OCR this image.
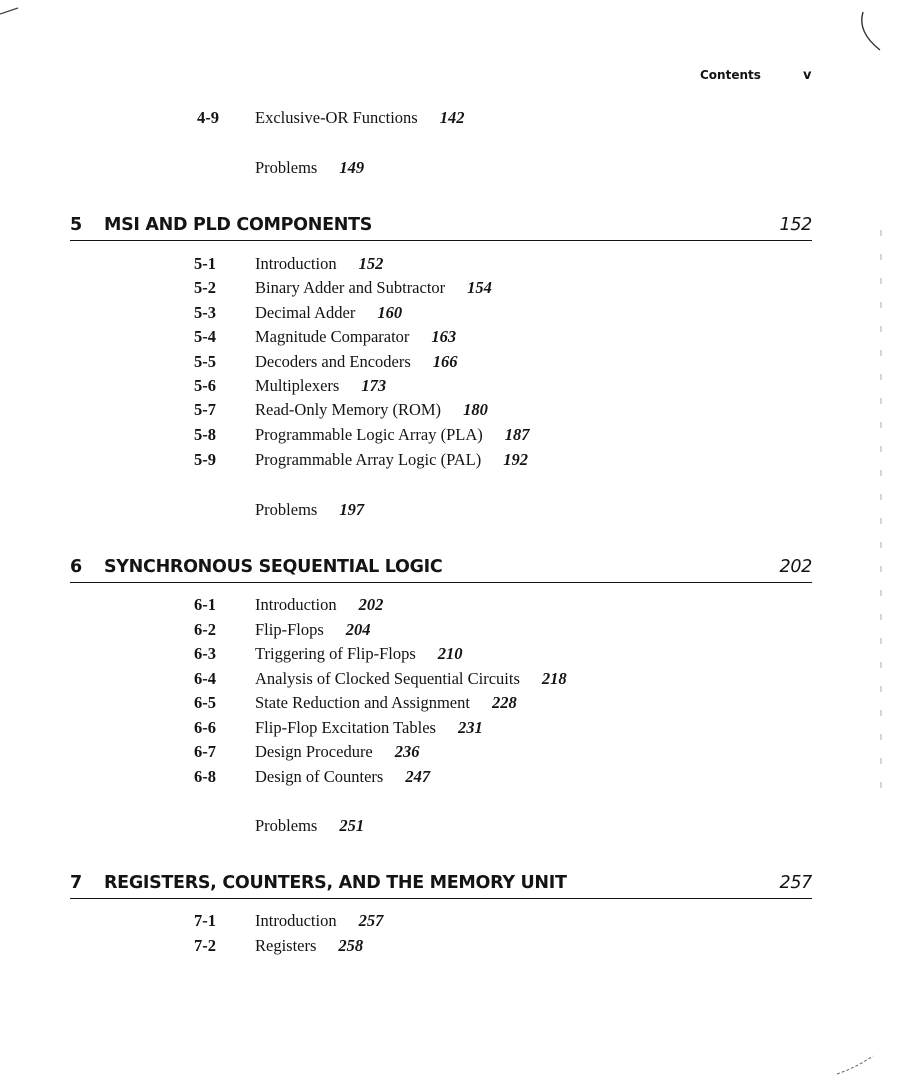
Contents	v
4-9 Exclusive-OR Functions 142
Problems 149
5 MSI AND PLD COMPONENTS	152
5-1 Introduction 152
5-2 Binary Adder and Subtractor 154
5-3 Decimal Adder 160
5-4 Magnitude Comparator 163
5-5 Decoders and Encoders 166
5-6 Multiplexers 173
5-7 Read-Only Memory (ROM) 180
5-8 Programmable Logic Array (PLA) 187
5-9 Programmable Array Logic (PAL) 192
Problems 197
6 SYNCHRONOUS SEQUENTIAL LOGIC	202
6-1 Introduction 202
6-2 Flip-Flops 204
6-3 Triggering of Flip-Flops 210
6-4 Analysis of Clocked Sequential Circuits 218
6-5 State Reduction and Assignment 228
6-6 Flip-Flop Excitation Tables 231
6-7 Design Procedure 236
6-8 Design of Counters 247
Problems 251
7 REGISTERS, COUNTERS, AND THE MEMORY UNIT	257
7-1 Introduction 257
7-2 Registers 258
